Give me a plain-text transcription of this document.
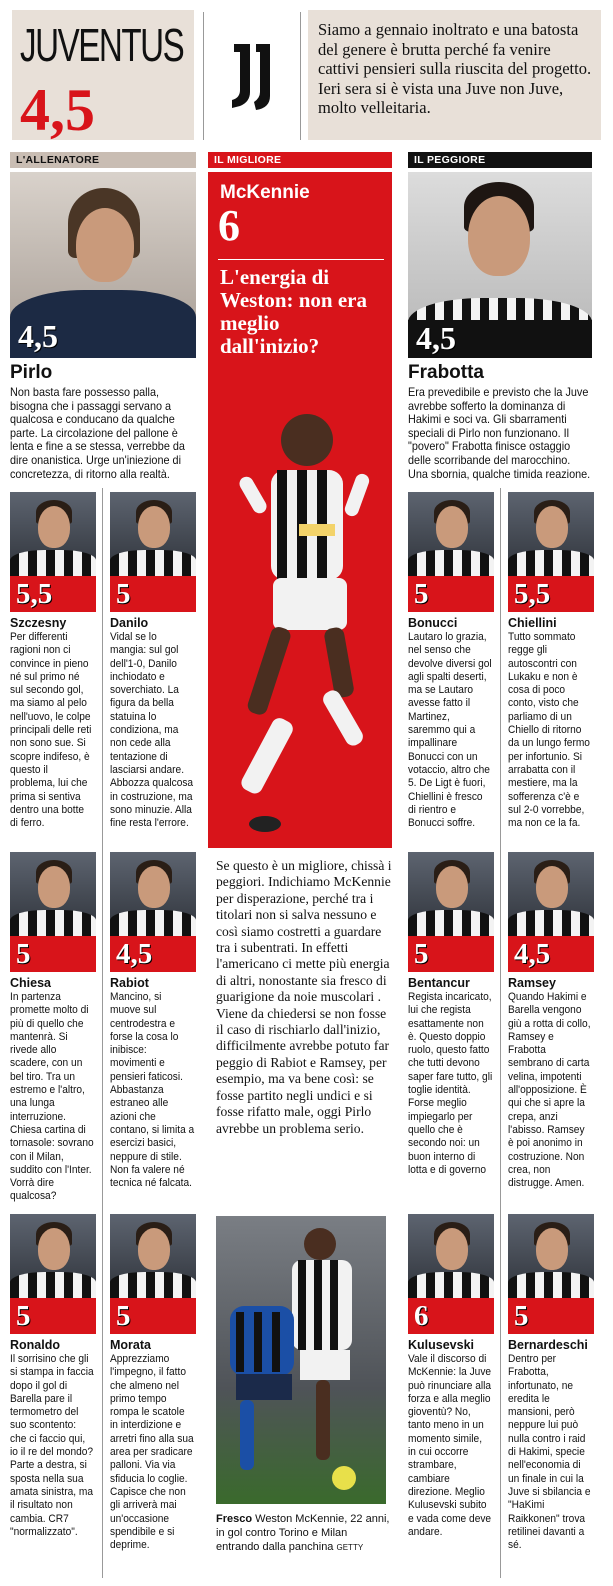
JUVENTUS
4,5
Siamo a gennaio inoltrato e una batosta del genere è brutta perché fa venire cattivi pensieri sulla riuscita del progetto. Ieri sera si è vista una Juve non Juve, molto velleitaria.
L'ALLENATORE	IL MIGLIORE	IL PEGGIORE
4,5
Pirlo
Non basta fare possesso palla, bisogna che i passaggi servano a qualcosa e conducano da qualche parte. La circolazione del pallone è lenta e fine a se stessa, verrebbe da dire onanistica. Urge un'iniezione di concretezza, di ritorno alla realtà.
4,5
Frabotta
Era prevedibile e previsto che la Juve avrebbe sofferto la dominanza di Hakimi e soci va. Gli sbarramenti speciali di Pirlo non funzionano. Il "povero" Frabotta finisce ostaggio delle scorribande del marocchino. Una sbornia, qualche timida reazione.
McKennie
6
L'energia di Weston: non era meglio dall'inizio?
Se questo è un migliore, chissà i peggiori. Indichiamo McKennie per disperazione, perché tra i titolari non si salva nessuno e così siamo costretti a guardare tra i subentrati. In effetti l'americano ci mette più energia di altri, nonostante sia fresco di guarigione da noie muscolari .
Viene da chiedersi se non fosse il caso di rischiarlo dall'inizio, difficilmente avrebbe potuto far peggio di Rabiot e Ramsey, per esempio, ma va bene così: se fosse partito negli undici e si fosse rifatto male, oggi Pirlo avrebbe un problema serio.
Fresco Weston McKennie, 22 anni, in gol contro Torino e Milan entrando dalla panchina GETTY
5,5
Szczesny
Per differenti ragioni non ci convince in pieno né sul primo né sul secondo gol, ma siamo al pelo nell'uovo, le colpe principali delle reti non sono sue. Si scopre indifeso, è questo il problema, lui che prima si sentiva dentro una botte di ferro.
5
Danilo
Vidal se lo mangia: sul gol dell'1-0, Danilo inchiodato e soverchiato. La figura da bella statuina lo condiziona, ma non cede alla tentazione di lasciarsi andare. Abbozza qualcosa in costruzione, ma sono minuzie. Alla fine resta l'errore.
5
Chiesa
In partenza promette molto di più di quello che mantenrà. Si rivede allo scadere, con un bel tiro. Tra un estremo e l'altro, una lunga interruzione. Chiesa cartina di tornasole: sovrano con il Milan, suddito con l'Inter. Vorrà dire qualcosa?
4,5
Rabiot
Mancino, si muove sul centrodestra e forse la cosa lo inibisce: movimenti e pensieri faticosi. Abbastanza estraneo alle azioni che contano, si limita a esercizi basici, neppure di stile. Non fa valere né tecnica né falcata.
5
Ronaldo
Il sorrisino che gli si stampa in faccia dopo il gol di Barella pare il termometro del suo scontento: che ci faccio qui, io il re del mondo?
Parte a destra, si sposta nella sua amata sinistra, ma il risultato non cambia. CR7 "normalizzato".
5
Morata
Apprezziamo l'impegno, il fatto che almeno nel primo tempo rompa le scatole in interdizione e arretri fino alla sua area per sradicare palloni. Via via sfiducia lo coglie. Capisce che non gli arriverà mai un'occasione spendibile e si deprime.
5
Bonucci
Lautaro lo grazia, nel senso che devolve diversi gol agli spalti deserti, ma se Lautaro avesse fatto il Martinez, saremmo qui a impallinare Bonucci con un votaccio, altro che 5. De Ligt è fuori, Chiellini è fresco di rientro e Bonucci soffre.
5,5
Chiellini
Tutto sommato regge gli autoscontri con Lukaku e non è cosa di poco conto, visto che parliamo di un Chiello di ritorno da un lungo fermo per infortunio. Si arrabatta con il mestiere, ma la sofferenza c'è e sul 2-0 vorrebbe, ma non ce la fa.
5
Bentancur
Regista incaricato, lui che regista esattamente non è. Questo doppio ruolo, questo fatto che tutti devono saper fare tutto, gli toglie identità. Forse meglio impiegarlo per quello che è secondo noi: un buon interno di lotta e di governo
4,5
Ramsey
Quando Hakimi e Barella vengono giù a rotta di collo, Ramsey e Frabotta sembrano di carta velina, impotenti all'opposizione. È qui che si apre la crepa, anzi l'abisso. Ramsey è poi anonimo in costruzione. Non crea, non distrugge. Amen.
6
Kulusevski
Vale il discorso di McKennie: la Juve può rinunciare alla forza e alla meglio gioventù? No, tanto meno in un momento simile, in cui occorre strambare, cambiare direzione. Meglio Kulusevski subito e vada come deve andare.
5
Bernardeschi
Dentro per Frabotta, infortunato, ne eredita le mansioni, però neppure lui può nulla contro i raid di Hakimi, specie nell'economia di un finale in cui la Juve si sbilancia e "HaKimi Raikkonen" trova retilinei davanti a sé.
